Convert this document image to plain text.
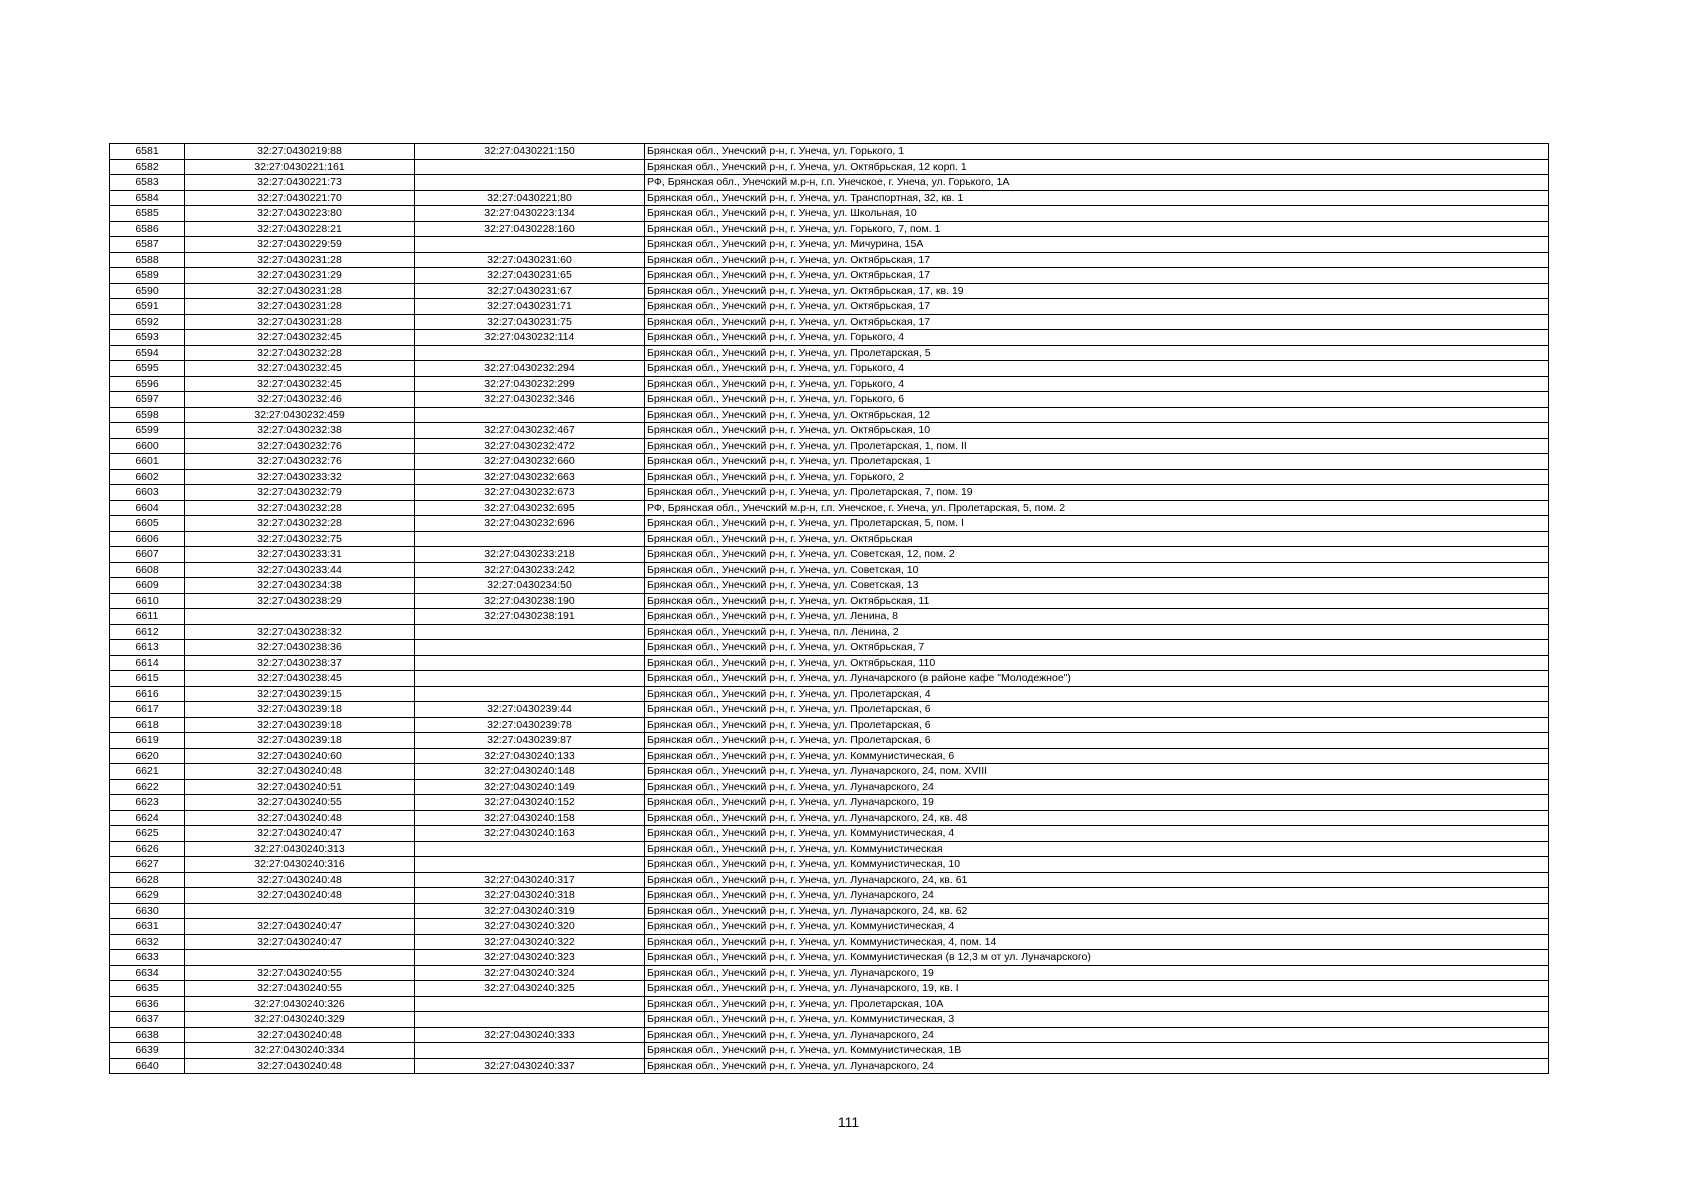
6581	32:27:0430219:88	32:27:0430221:150	Брянская обл., Унечский р-н, г. Унеча, ул. Горького, 1
6582	32:27:0430221:161		Брянская обл., Унечский р-н, г. Унеча, ул. Октябрьская, 12 корп. 1
6583	32:27:0430221:73		РФ, Брянская обл., Унечский м.р-н, г.п. Унечское, г. Унеча, ул. Горького, 1А
6584	32:27:0430221:70	32:27:0430221:80	Брянская обл., Унечский р-н, г. Унеча, ул. Транспортная, 32, кв. 1
6585	32:27:0430223:80	32:27:0430223:134	Брянская обл., Унечский р-н, г. Унеча, ул. Школьная, 10
6586	32:27:0430228:21	32:27:0430228:160	Брянская обл., Унечский р-н, г. Унеча, ул. Горького, 7, пом. 1
6587	32:27:0430229:59		Брянская обл., Унечский р-н, г. Унеча, ул. Мичурина, 15А
6588	32:27:0430231:28	32:27:0430231:60	Брянская обл., Унечский р-н, г. Унеча, ул. Октябрьская, 17
6589	32:27:0430231:29	32:27:0430231:65	Брянская обл., Унечский р-н, г. Унеча, ул. Октябрьская, 17
6590	32:27:0430231:28	32:27:0430231:67	Брянская обл., Унечский р-н, г. Унеча, ул. Октябрьская, 17, кв. 19
6591	32:27:0430231:28	32:27:0430231:71	Брянская обл., Унечский р-н, г. Унеча, ул. Октябрьская, 17
6592	32:27:0430231:28	32:27:0430231:75	Брянская обл., Унечский р-н, г. Унеча, ул. Октябрьская, 17
6593	32:27:0430232:45	32:27:0430232:114	Брянская обл., Унечский р-н, г. Унеча, ул. Горького, 4
6594	32:27:0430232:28		Брянская обл., Унечский р-н, г. Унеча, ул. Пролетарская, 5
6595	32:27:0430232:45	32:27:0430232:294	Брянская обл., Унечский р-н, г. Унеча, ул. Горького, 4
6596	32:27:0430232:45	32:27:0430232:299	Брянская обл., Унечский р-н, г. Унеча, ул. Горького, 4
6597	32:27:0430232:46	32:27:0430232:346	Брянская обл., Унечский р-н, г. Унеча, ул. Горького, 6
6598	32:27:0430232:459		Брянская обл., Унечский р-н, г. Унеча, ул. Октябрьская, 12
6599	32:27:0430232:38	32:27:0430232:467	Брянская обл., Унечский р-н, г. Унеча, ул. Октябрьская, 10
6600	32:27:0430232:76	32:27:0430232:472	Брянская обл., Унечский р-н, г. Унеча, ул. Пролетарская, 1, пом. II
6601	32:27:0430232:76	32:27:0430232:660	Брянская обл., Унечский р-н, г. Унеча, ул. Пролетарская, 1
6602	32:27:0430233:32	32:27:0430232:663	Брянская обл., Унечский р-н, г. Унеча, ул. Горького, 2
6603	32:27:0430232:79	32:27:0430232:673	Брянская обл., Унечский р-н, г. Унеча, ул. Пролетарская, 7, пом. 19
6604	32:27:0430232:28	32:27:0430232:695	РФ, Брянская обл., Унечский м.р-н, г.п. Унечское, г. Унеча, ул. Пролетарская, 5, пом. 2
6605	32:27:0430232:28	32:27:0430232:696	Брянская обл., Унечский р-н, г. Унеча, ул. Пролетарская, 5, пом. I
6606	32:27:0430232:75		Брянская обл., Унечский р-н, г. Унеча, ул. Октябрьская
6607	32:27:0430233:31	32:27:0430233:218	Брянская обл., Унечский р-н, г. Унеча, ул. Советская, 12, пом. 2
6608	32:27:0430233:44	32:27:0430233:242	Брянская обл., Унечский р-н, г. Унеча, ул. Советская, 10
6609	32:27:0430234:38	32:27:0430234:50	Брянская обл., Унечский р-н, г. Унеча, ул. Советская, 13
6610	32:27:0430238:29	32:27:0430238:190	Брянская обл., Унечский р-н, г. Унеча, ул. Октябрьская, 11
6611		32:27:0430238:191	Брянская обл., Унечский р-н, г. Унеча, ул. Ленина, 8
6612	32:27:0430238:32		Брянская обл., Унечский р-н, г. Унеча, пл. Ленина, 2
6613	32:27:0430238:36		Брянская обл., Унечский р-н, г. Унеча, ул. Октябрьская, 7
6614	32:27:0430238:37		Брянская обл., Унечский р-н, г. Унеча, ул. Октябрьская, 110
6615	32:27:0430238:45		Брянская обл., Унечский р-н, г. Унеча, ул. Луначарского (в районе кафе "Молодежное")
6616	32:27:0430239:15		Брянская обл., Унечский р-н, г. Унеча, ул. Пролетарская, 4
6617	32:27:0430239:18	32:27:0430239:44	Брянская обл., Унечский р-н, г. Унеча, ул. Пролетарская, 6
6618	32:27:0430239:18	32:27:0430239:78	Брянская обл., Унечский р-н, г. Унеча, ул. Пролетарская, 6
6619	32:27:0430239:18	32:27:0430239:87	Брянская обл., Унечский р-н, г. Унеча, ул. Пролетарская, 6
6620	32:27:0430240:60	32:27:0430240:133	Брянская обл., Унечский р-н, г. Унеча, ул. Коммунистическая, 6
6621	32:27:0430240:48	32:27:0430240:148	Брянская обл., Унечский р-н, г. Унеча, ул. Луначарского, 24, пом. XVIII
6622	32:27:0430240:51	32:27:0430240:149	Брянская обл., Унечский р-н, г. Унеча, ул. Луначарского, 24
6623	32:27:0430240:55	32:27:0430240:152	Брянская обл., Унечский р-н, г. Унеча, ул. Луначарского, 19
6624	32:27:0430240:48	32:27:0430240:158	Брянская обл., Унечский р-н, г. Унеча, ул. Луначарского, 24, кв. 48
6625	32:27:0430240:47	32:27:0430240:163	Брянская обл., Унечский р-н, г. Унеча, ул. Коммунистическая, 4
6626	32:27:0430240:313		Брянская обл., Унечский р-н, г. Унеча, ул. Коммунистическая
6627	32:27:0430240:316		Брянская обл., Унечский р-н, г. Унеча, ул. Коммунистическая, 10
6628	32:27:0430240:48	32:27:0430240:317	Брянская обл., Унечский р-н, г. Унеча, ул. Луначарского, 24, кв. 61
6629	32:27:0430240:48	32:27:0430240:318	Брянская обл., Унечский р-н, г. Унеча, ул. Луначарского, 24
6630		32:27:0430240:319	Брянская обл., Унечский р-н, г. Унеча, ул. Луначарского, 24, кв. 62
6631	32:27:0430240:47	32:27:0430240:320	Брянская обл., Унечский р-н, г. Унеча, ул. Коммунистическая, 4
6632	32:27:0430240:47	32:27:0430240:322	Брянская обл., Унечский р-н, г. Унеча, ул. Коммунистическая, 4, пом. 14
6633		32:27:0430240:323	Брянская обл., Унечский р-н, г. Унеча, ул. Коммунистическая (в 12,3 м от ул. Луначарского)
6634	32:27:0430240:55	32:27:0430240:324	Брянская обл., Унечский р-н, г. Унеча, ул. Луначарского, 19
6635	32:27:0430240:55	32:27:0430240:325	Брянская обл., Унечский р-н, г. Унеча, ул. Луначарского, 19, кв. I
6636	32:27:0430240:326		Брянская обл., Унечский р-н, г. Унеча, ул. Пролетарская, 10А
6637	32:27:0430240:329		Брянская обл., Унечский р-н, г. Унеча, ул. Коммунистическая, 3
6638	32:27:0430240:48	32:27:0430240:333	Брянская обл., Унечский р-н, г. Унеча, ул. Луначарского, 24
6639	32:27:0430240:334		Брянская обл., Унечский р-н, г. Унеча, ул. Коммунистическая, 1В
6640	32:27:0430240:48	32:27:0430240:337	Брянская обл., Унечский р-н, г. Унеча, ул. Луначарского, 24
111
